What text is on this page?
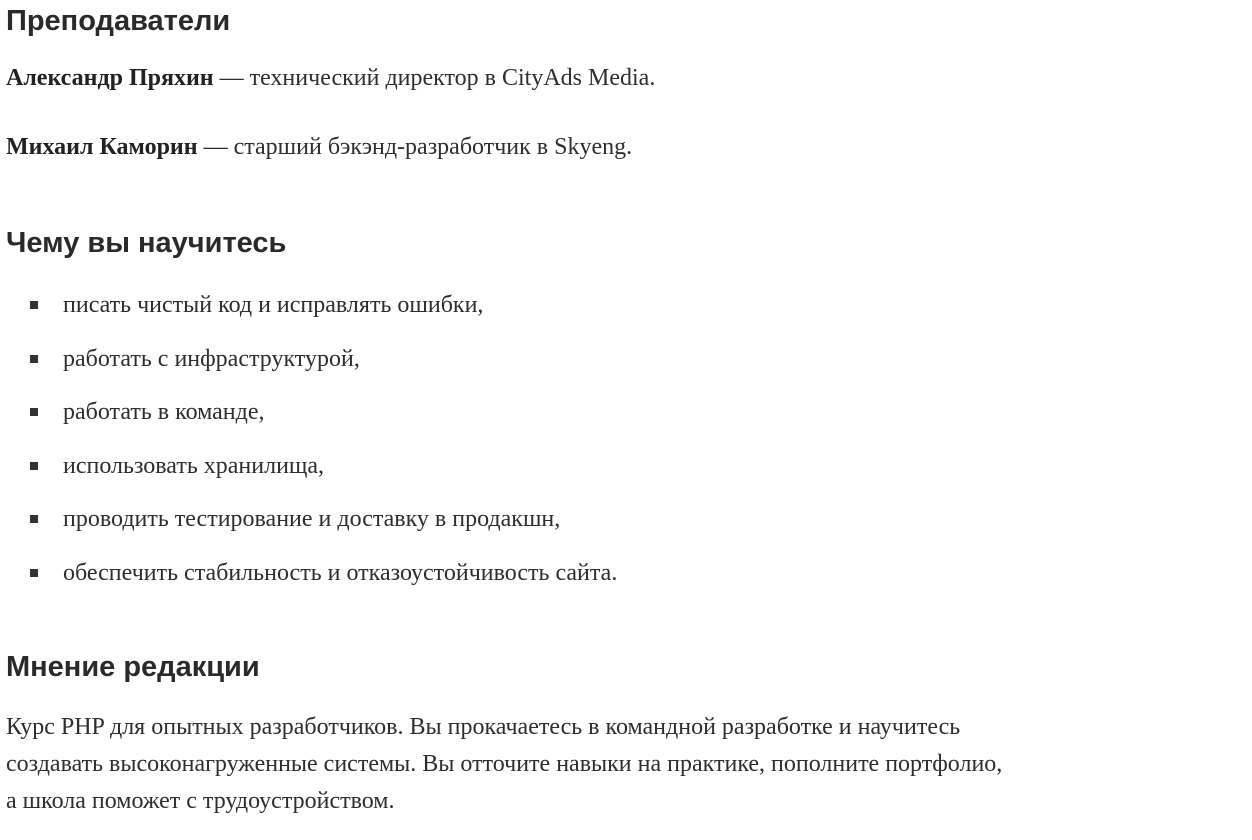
Преподаватели

Александр Пряхин — технический директор в CityAds Media.

Михаил Каморин — старший бэкэнд-разработчик в Skyeng.

Чему вы научитесь
писать чистый код и исправлять ошибки,
работать с инфраструктурой,
работать в команде,
использовать хранилища,
проводить тестирование и доставку в продакшн,
обеспечить стабильность и отказоустойчивость сайта.
Мнение редакции

Курс PHP для опытных разработчиков. Вы прокачаетесь в командной разработке и научитесь
создавать высоконагруженные системы. Вы отточите навыки на практике, пополните портфолио,
а школа поможет с трудоустройством.
